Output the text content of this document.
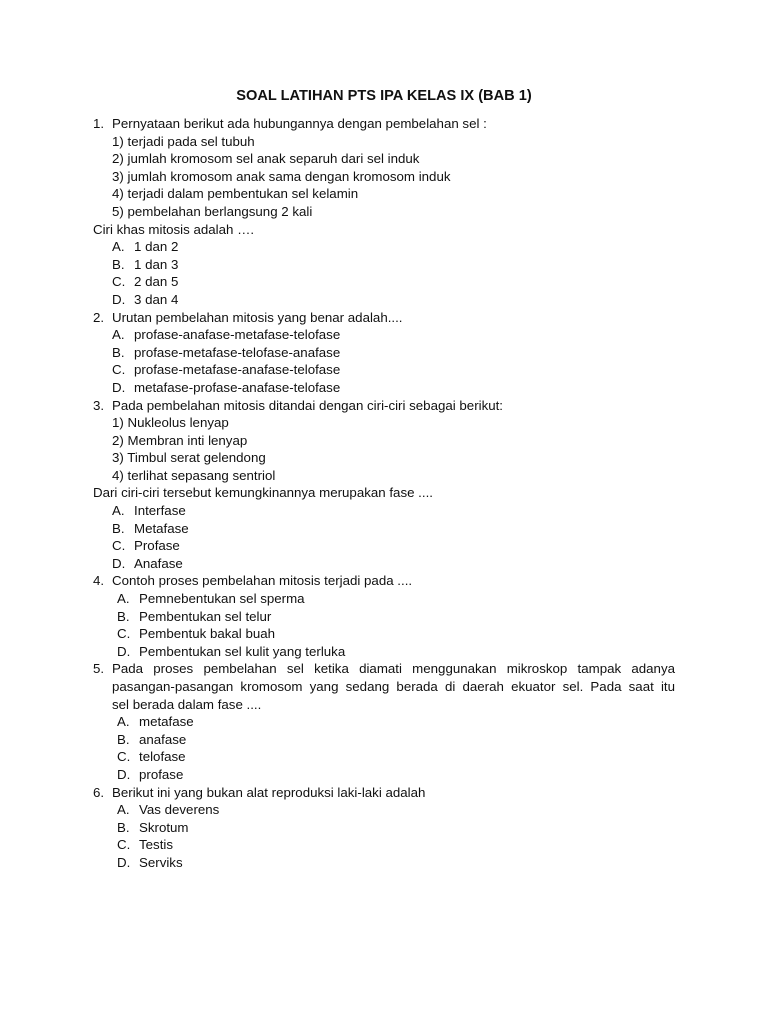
SOAL LATIHAN PTS IPA KELAS IX (BAB 1)
1. Pernyataan berikut ada hubungannya dengan pembelahan sel :
1) terjadi pada sel tubuh
2) jumlah kromosom sel anak separuh dari sel induk
3) jumlah kromosom anak sama dengan kromosom induk
4) terjadi dalam pembentukan sel kelamin
5) pembelahan berlangsung 2 kali
Ciri khas mitosis adalah ….
A. 1 dan 2
B. 1 dan 3
C. 2 dan 5
D. 3 dan 4
2. Urutan pembelahan mitosis yang benar adalah....
A. profase-anafase-metafase-telofase
B. profase-metafase-telofase-anafase
C. profase-metafase-anafase-telofase
D. metafase-profase-anafase-telofase
3. Pada pembelahan mitosis ditandai dengan ciri-ciri sebagai berikut:
1) Nukleolus lenyap
2) Membran inti lenyap
3) Timbul serat gelendong
4) terlihat sepasang sentriol
Dari ciri-ciri tersebut kemungkinannya merupakan fase ....
A. Interfase
B. Metafase
C. Profase
D. Anafase
4. Contoh proses pembelahan mitosis terjadi pada ....
A. Pemnebentukan sel sperma
B. Pembentukan sel telur
C. Pembentuk bakal buah
D. Pembentukan sel kulit yang terluka
5. Pada proses pembelahan sel ketika diamati menggunakan mikroskop tampak adanya
pasangan-pasangan kromosom yang sedang berada di daerah ekuator sel. Pada saat itu
sel berada dalam fase ....
A. metafase
B. anafase
C. telofase
D. profase
6. Berikut ini yang bukan alat reproduksi laki-laki adalah
A. Vas deverens
B. Skrotum
C. Testis
D. Serviks
